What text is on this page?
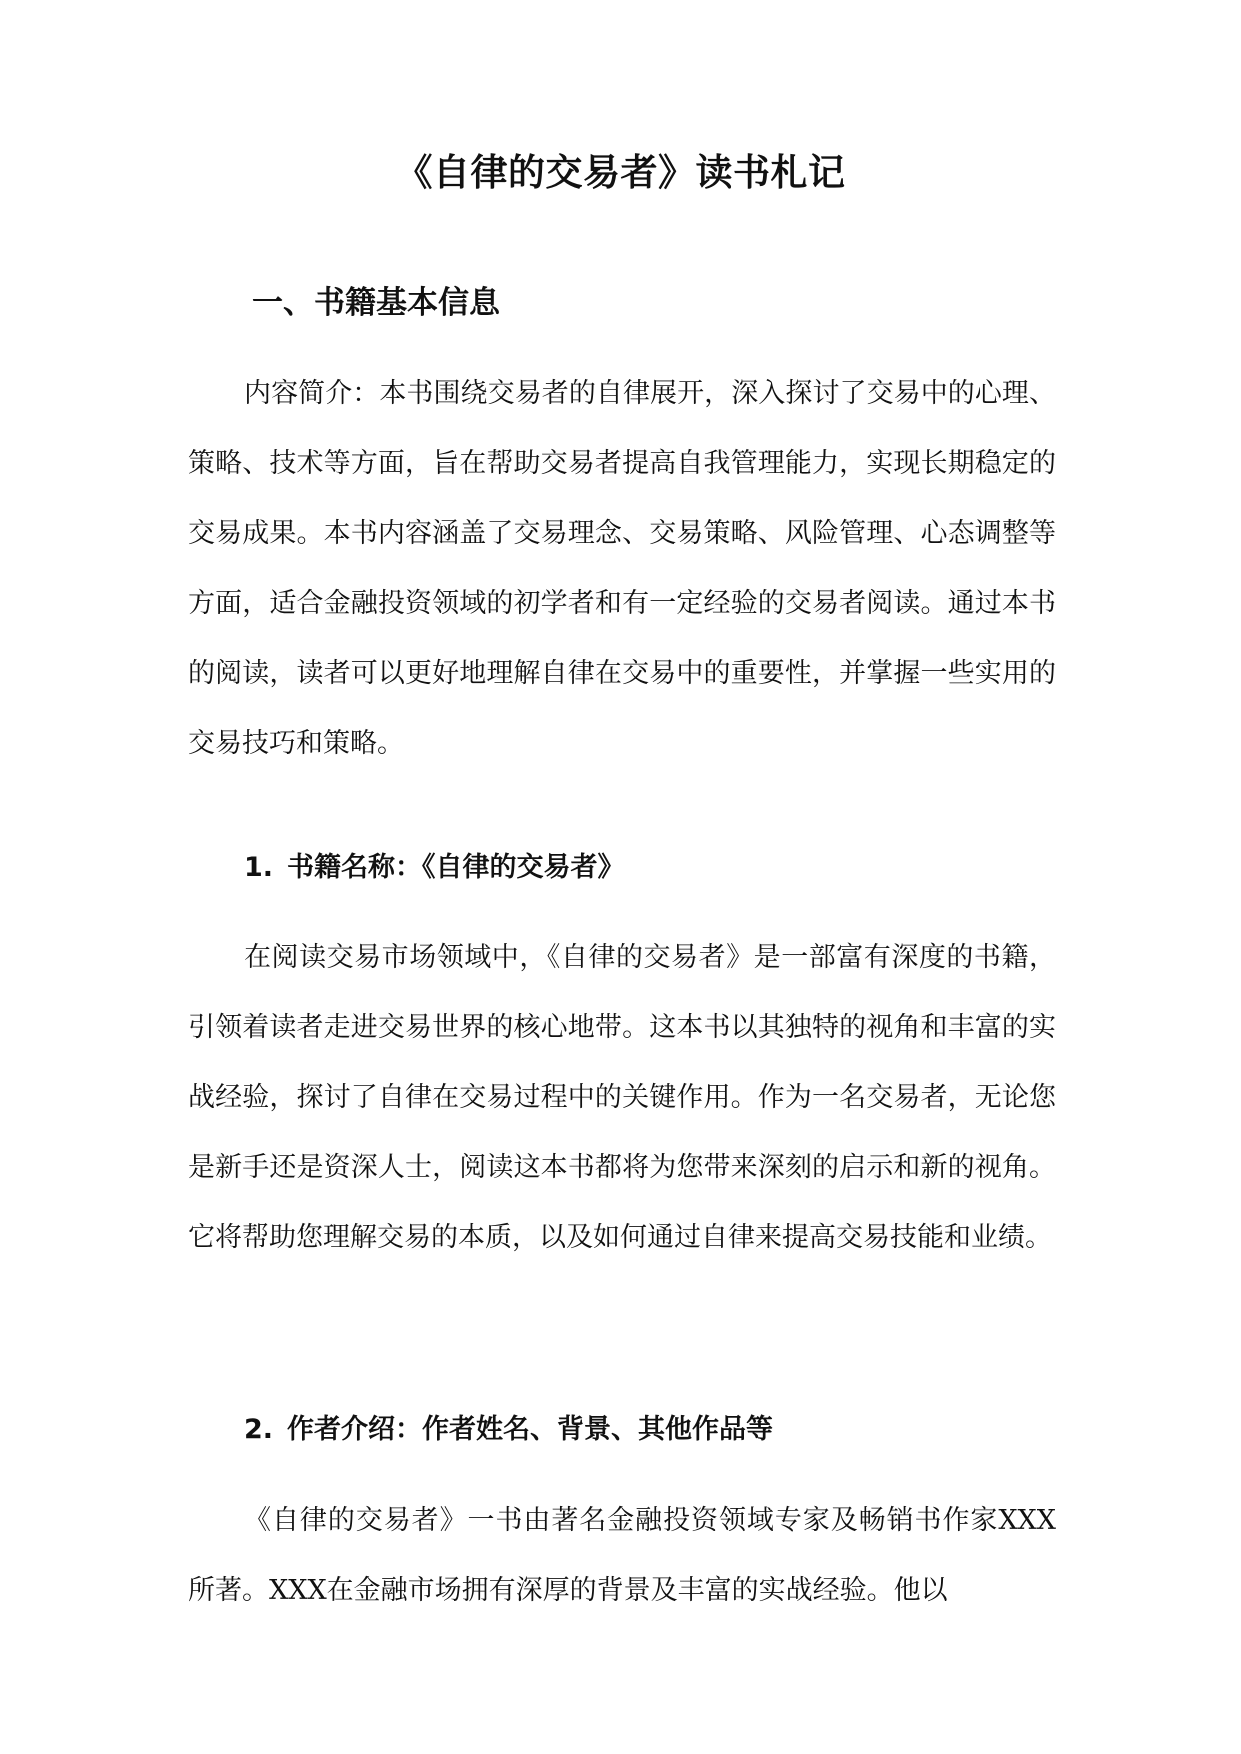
《自律的交易者》读书札记
一、书籍基本信息
内容简介：本书围绕交易者的自律展开，深入探讨了交易中的心理、策略、技术等方面，旨在帮助交易者提高自我管理能力，实现长期稳定的交易成果。本书内容涵盖了交易理念、交易策略、风险管理、心态调整等方面，适合金融投资领域的初学者和有一定经验的交易者阅读。通过本书的阅读，读者可以更好地理解自律在交易中的重要性，并掌握一些实用的交易技巧和策略。
1. 书籍名称：《自律的交易者》
在阅读交易市场领域中，《自律的交易者》是一部富有深度的书籍，引领着读者走进交易世界的核心地带。这本书以其独特的视角和丰富的实战经验，探讨了自律在交易过程中的关键作用。作为一名交易者，无论您是新手还是资深人士，阅读这本书都将为您带来深刻的启示和新的视角。它将帮助您理解交易的本质，以及如何通过自律来提高交易技能和业绩。
2. 作者介绍：作者姓名、背景、其他作品等
《自律的交易者》一书由著名金融投资领域专家及畅销书作家XXX所著。XXX在金融市场拥有深厚的背景及丰富的实战经验。他以
